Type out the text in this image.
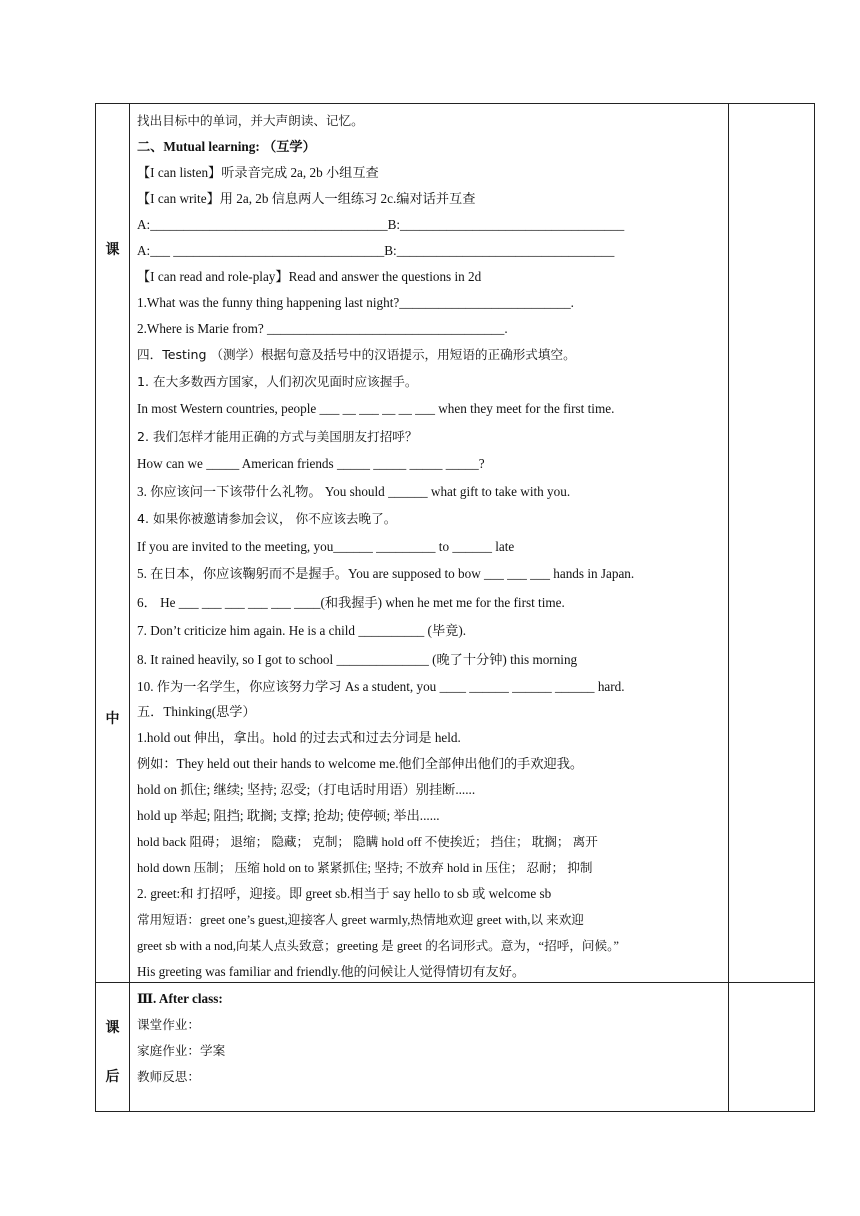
课
中
课
后
找出目标中的单词，并大声朗读、记忆。
二、Mutual learning: （互学）
【I can listen】听录音完成 2a, 2b 小组互查
【I can write】用 2a, 2b 信息两人一组练习 2c.编对话并互查
A:____________________________________B:__________________________________
A:___ ________________________________B:_________________________________
【I can read and role-play】Read and answer the questions in 2d
1.What was the funny thing happening last night?__________________________.
2.Where is Marie from? ____________________________________.
四．Testing （测学）根据句意及括号中的汉语提示，用短语的正确形式填空。
1. 在大多数西方国家，人们初次见面时应该握手。
In most Western countries, people ___ __ ___ __ __ ___ when they meet for the first time.
2. 我们怎样才能用正确的方式与美国朋友打招呼？
How can we _____ American friends _____ _____ _____ _____?
3. 你应该问一下该带什么礼物。 You should ______ what gift to take with you.
4. 如果你被邀请参加会议， 你不应该去晚了。
If you are invited to the meeting, you______ _________ to ______ late
5. 在日本，你应该鞠躬而不是握手。You are supposed to bow ___ ___ ___ hands in Japan.
6． He ___ ___ ___ ___ ___ ____(和我握手) when he met me for the first time.
7. Don’t criticize him again. He is a child __________ (毕竟).
8. It rained heavily, so I got to school ______________ (晚了十分钟) this morning
10. 作为一名学生，你应该努力学习 As a student, you ____ ______ ______ ______ hard.
五．Thinking(思学）
1.hold out 伸出，拿出。hold 的过去式和过去分词是 held.
例如：They held out their hands to welcome me.他们全部伸出他们的手欢迎我。
hold on 抓住; 继续; 坚持; 忍受;（打电话时用语）别挂断......
hold up 举起; 阻挡; 耽搁; 支撑; 抢劫; 使停顿; 举出......
hold back 阻碍； 退缩； 隐藏； 克制； 隐瞒 hold off 不使挨近； 挡住； 耽搁； 离开
hold down 压制； 压缩 hold on to 紧紧抓住; 坚持; 不放弃 hold in 压住； 忍耐； 抑制
2. greet:和 打招呼，迎接。即 greet sb.相当于 say hello to sb 或 welcome sb
常用短语：greet one’s guest,迎接客人 greet warmly,热情地欢迎 greet with,以 来欢迎
greet sb with a nod,向某人点头致意；greeting 是 greet 的名词形式。意为，“招呼，问候。”
His greeting was familiar and friendly.他的问候让人觉得情切有友好。
Ⅲ. After class:
课堂作业：
家庭作业：学案
教师反思：
